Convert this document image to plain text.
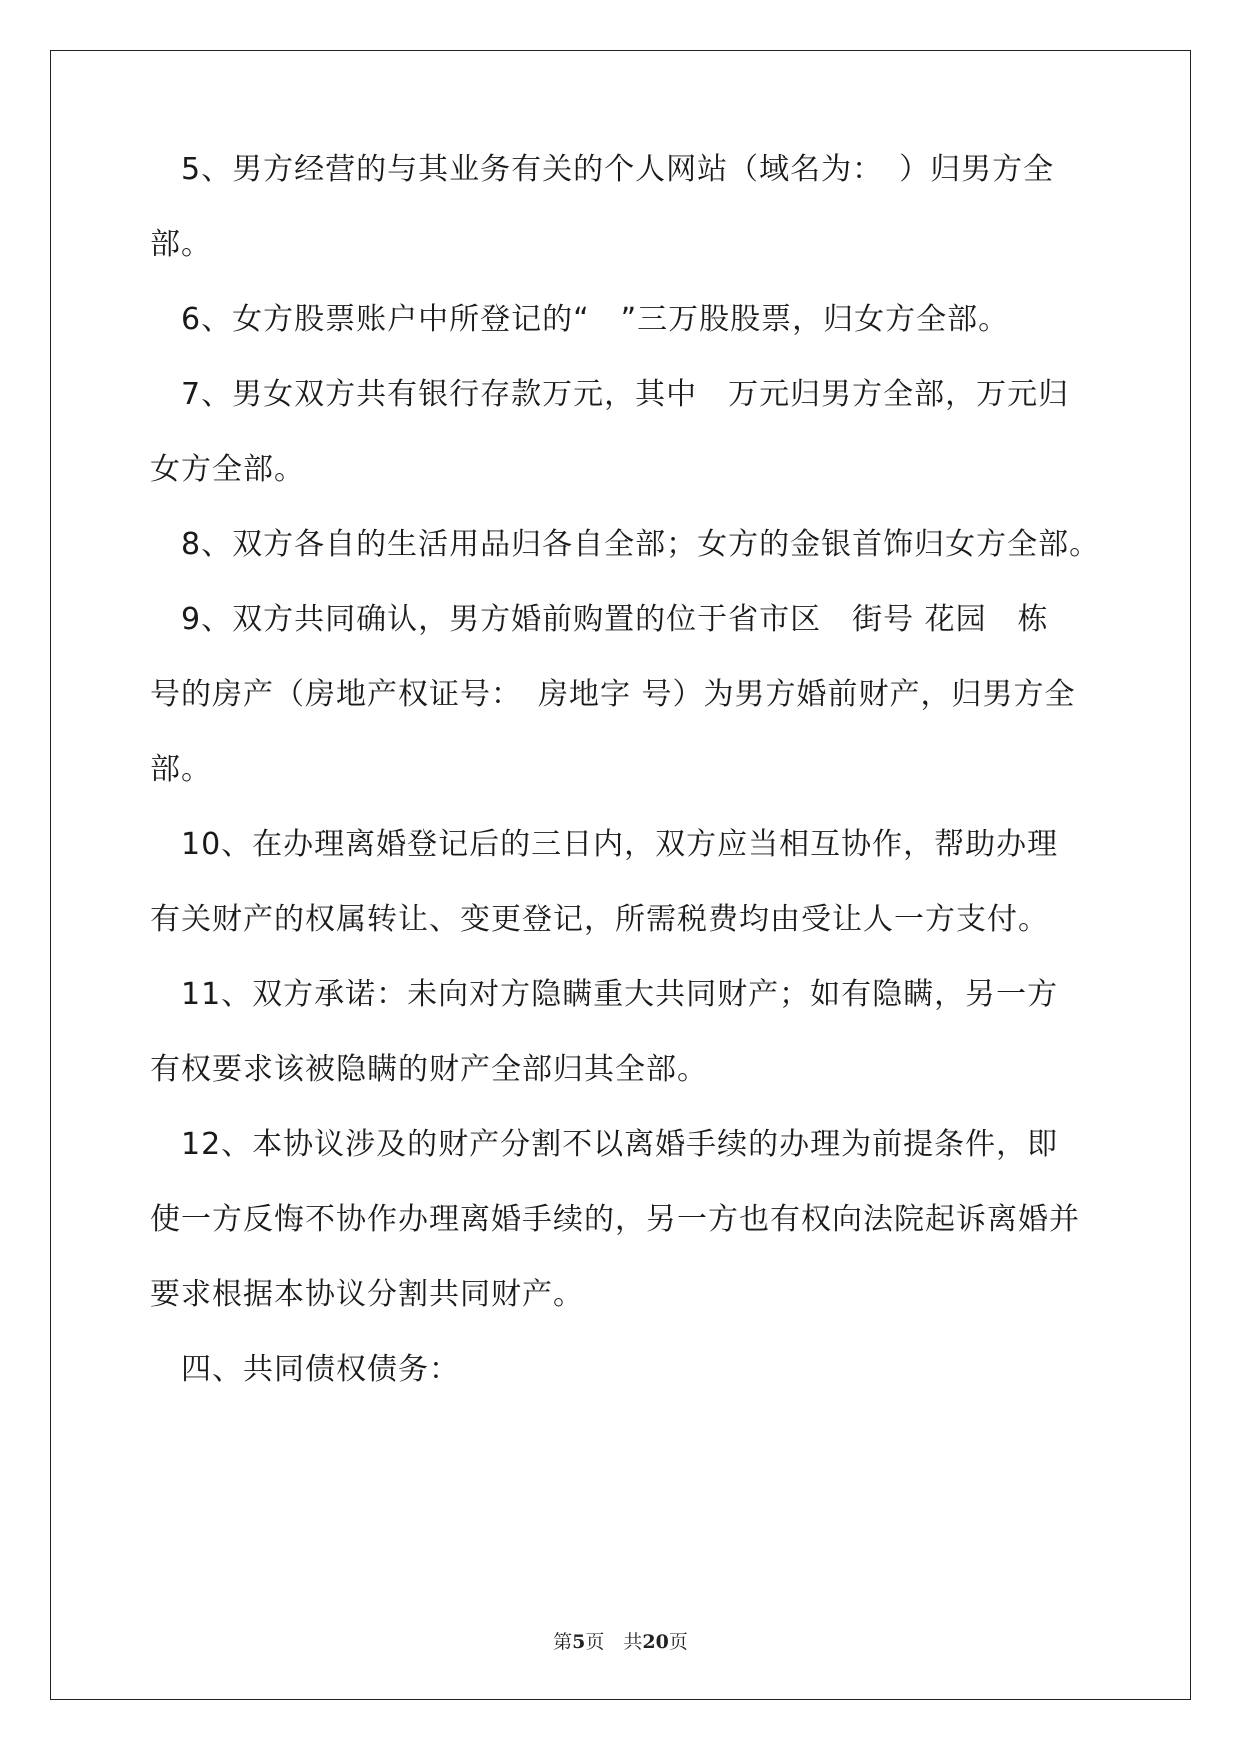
　5、男方经营的与其业务有关的个人网站（域名为：　）归男方全
部。
　6、女方股票账户中所登记的“　”三万股股票，归女方全部。
　7、男女双方共有银行存款万元，其中　万元归男方全部，万元归
女方全部。
　8、双方各自的生活用品归各自全部；女方的金银首饰归女方全部。
　9、双方共同确认，男方婚前购置的位于省市区　街号 花园　栋
号的房产（房地产权证号：　房地字 号）为男方婚前财产，归男方全
部。
　10、在办理离婚登记后的三日内，双方应当相互协作，帮助办理
有关财产的权属转让、变更登记，所需税费均由受让人一方支付。
　11、双方承诺：未向对方隐瞒重大共同财产；如有隐瞒，另一方
有权要求该被隐瞒的财产全部归其全部。
　12、本协议涉及的财产分割不以离婚手续的办理为前提条件，即
使一方反悔不协作办理离婚手续的，另一方也有权向法院起诉离婚并
要求根据本协议分割共同财产。
　四、共同债权债务：
第5页　共20页
